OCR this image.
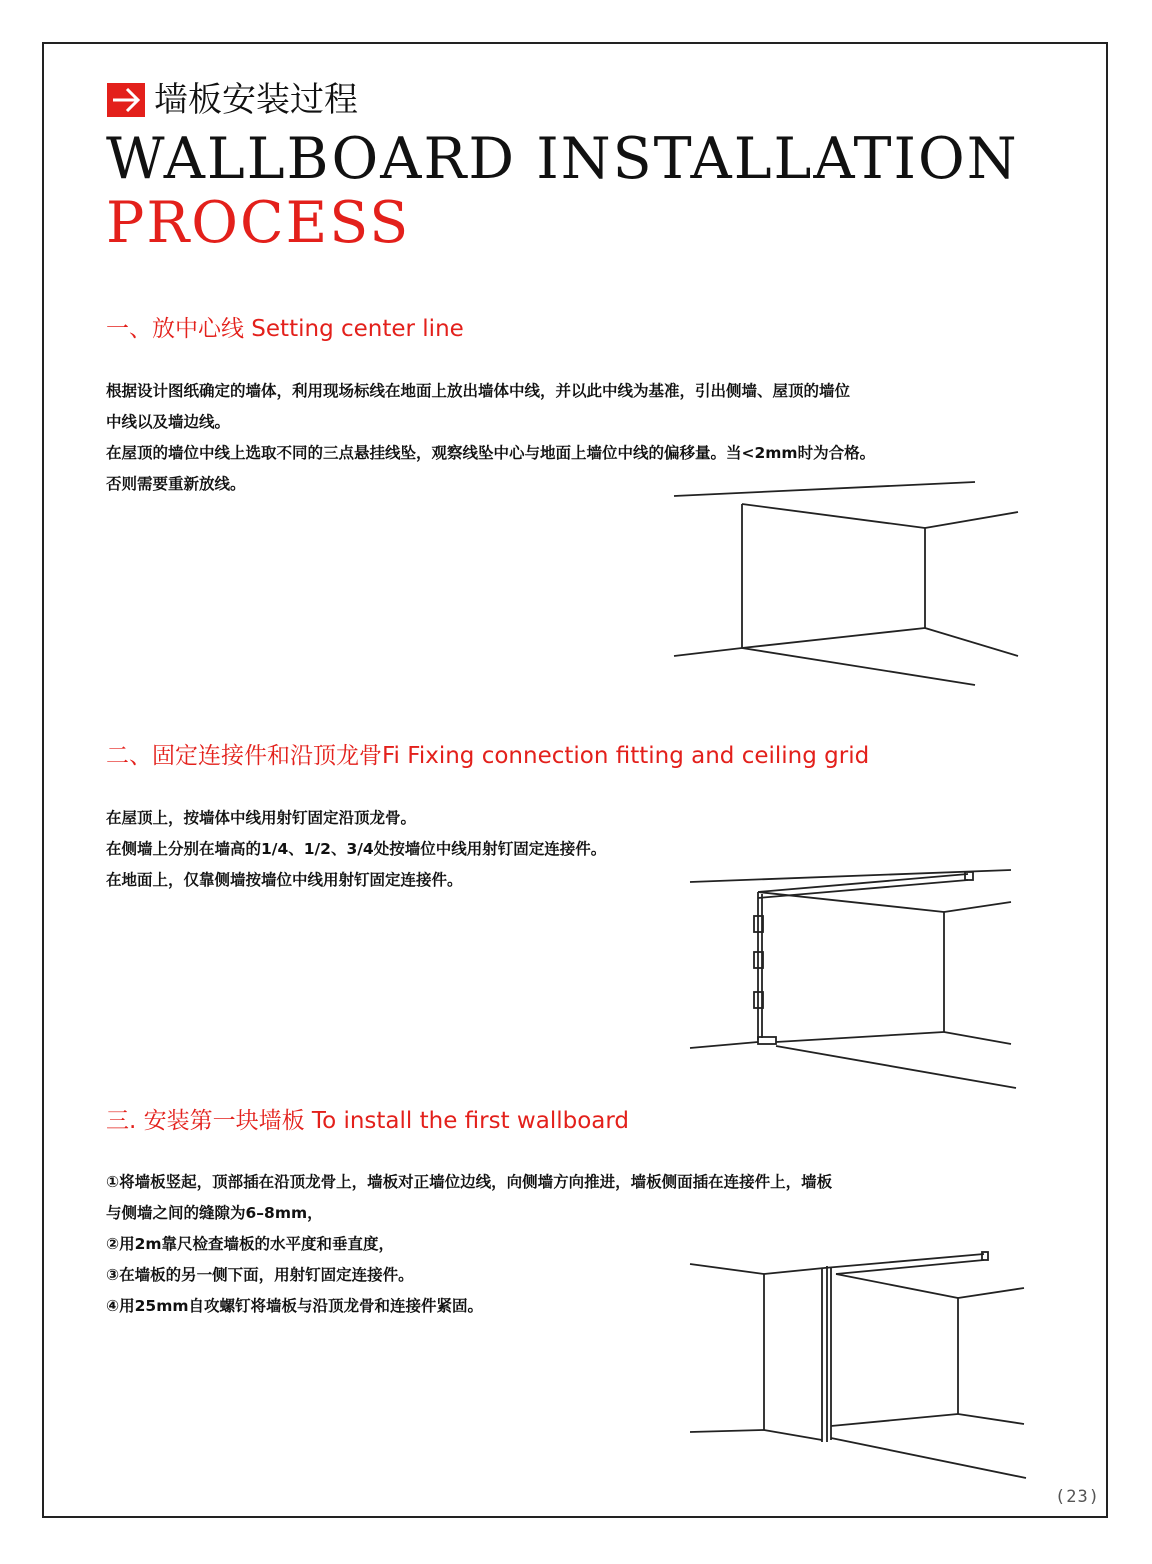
墙板安装过程
WALLBOARD INSTALLATION
PROCESS
一、放中心线 Setting center line
根据设计图纸确定的墙体，利用现场标线在地面上放出墙体中线，并以此中线为基准，引出侧墙、屋顶的墙位
中线以及墙边线。
在屋顶的墙位中线上选取不同的三点悬挂线坠，观察线坠中心与地面上墙位中线的偏移量。当<2mm时为合格。
否则需要重新放线。
二、固定连接件和沿顶龙骨Fi Fixing connection fitting and ceiling grid
在屋顶上，按墙体中线用射钉固定沿顶龙骨。
在侧墙上分别在墙高的1/4、1/2、3/4处按墙位中线用射钉固定连接件。
在地面上，仅靠侧墙按墙位中线用射钉固定连接件。
三. 安装第一块墙板 To install the first wallboard
①将墙板竖起，顶部插在沿顶龙骨上，墙板对正墙位边线，向侧墙方向推进，墙板侧面插在连接件上，墙板
与侧墙之间的缝隙为6–8mm，
②用2m靠尺检查墙板的水平度和垂直度，
③在墙板的另一侧下面，用射钉固定连接件。
④用25mm自攻螺钉将墙板与沿顶龙骨和连接件紧固。
(23)
